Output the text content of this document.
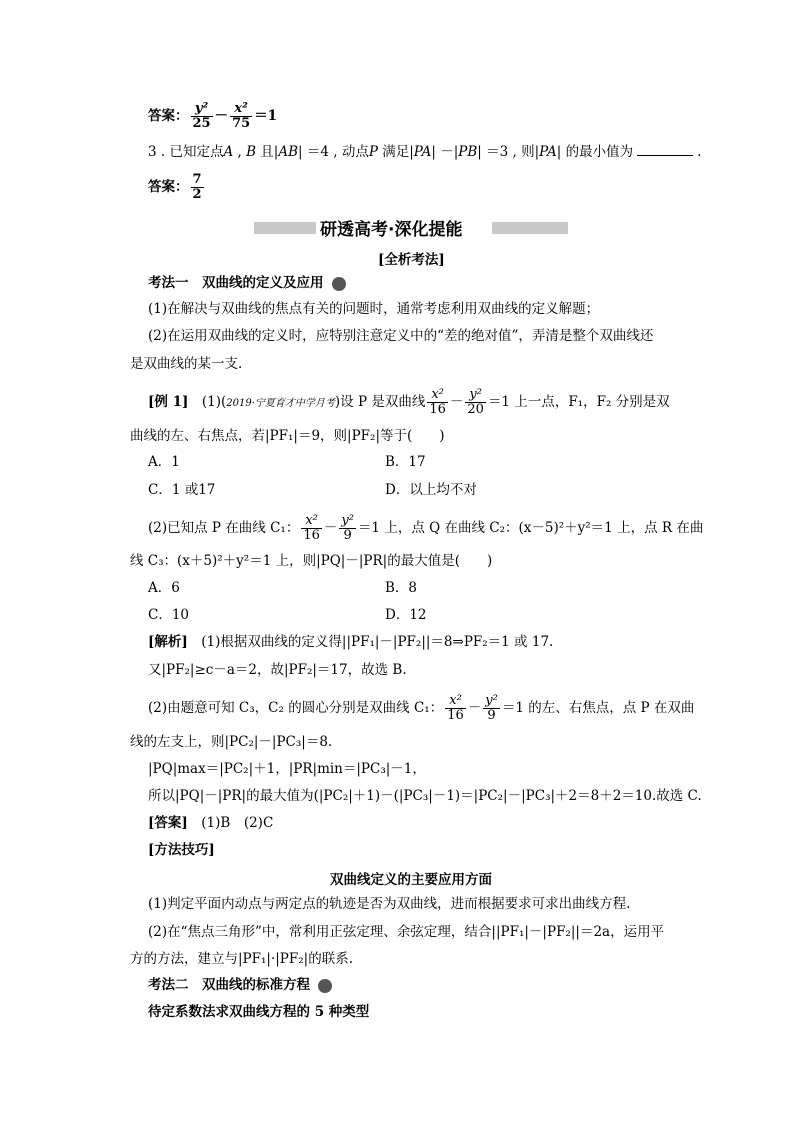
答案： $\frac{\text{y²}}{25} - \frac{\text{x²}}{75} =1$
3 . 已知定点A , B 且|AB| ＝4 , 动点P 满足|PA| －|PB| ＝3 , 则|PA| 的最小值为	.
答案： $\frac{7}{2}$
研透高考·深化提能
[全析考法]
考法一　双曲线的定义及应用
(1)在解决与双曲线的焦点有关的问题时，通常考虑利用双曲线的定义解题；
(2)在运用双曲线的定义时，应特别注意定义中的“差的绝对值”，弄清是整个双曲线还
是双曲线的某一支.
[例 1]　 (1)(2019·宁夏育才中学月考)设 P 是双曲线 $\frac{\text{x²}}{16} - \frac{\text{y²}}{20} =1$ 上一点，F₁，F₂ 分别是双
曲线的左、右焦点，若|PF₁|＝9，则|PF₂|等于(　　)
A．1	B．17
C．1 或17	D．以上均不对
(2)已知点 P 在曲线 C₁： $\frac{\text{x²}}{16} - \frac{\text{y²}}{9} =1$ 上，点 Q 在曲线 C₂：(x－5)²＋y²＝1 上，点 R 在曲
线 C₃：(x＋5)²＋y²＝1 上，则|PQ|－|PR|的最大值是(　　)
A．6	B．8
C．10	D．12
[解析]　 (1)根据双曲线的定义得||PF₁|－|PF₂||＝8⇒PF₂＝1 或 17.
又|PF₂|≥c－a＝2，故|PF₂|＝17，故选 B.
(2)由题意可知 C₃，C₂ 的圆心分别是双曲线 C₁： $\frac{\text{x²}}{16} - \frac{\text{y²}}{9} =1$ 的左、右焦点，点 P 在双曲
线的左支上，则|PC₂|－|PC₃|＝8.
|PQ|max＝|PC₂|＋1，|PR|min＝|PC₃|－1，
所以|PQ|－|PR|的最大值为(|PC₂|＋1)－(|PC₃|－1)＝|PC₂|－|PC₃|＋2＝8＋2＝10.故选 C.
[答案]　 (1)B　(2)C
[方法技巧]
双曲线定义的主要应用方面
(1)判定平面内动点与两定点的轨迹是否为双曲线，进而根据要求可求出曲线方程.
(2)在“焦点三角形”中，常利用正弦定理、余弦定理，结合||PF₁|－|PF₂||＝2a，运用平
方的方法，建立与|PF₁|·|PF₂|的联系.
考法二　双曲线的标准方程
待定系数法求双曲线方程的 5 种类型
